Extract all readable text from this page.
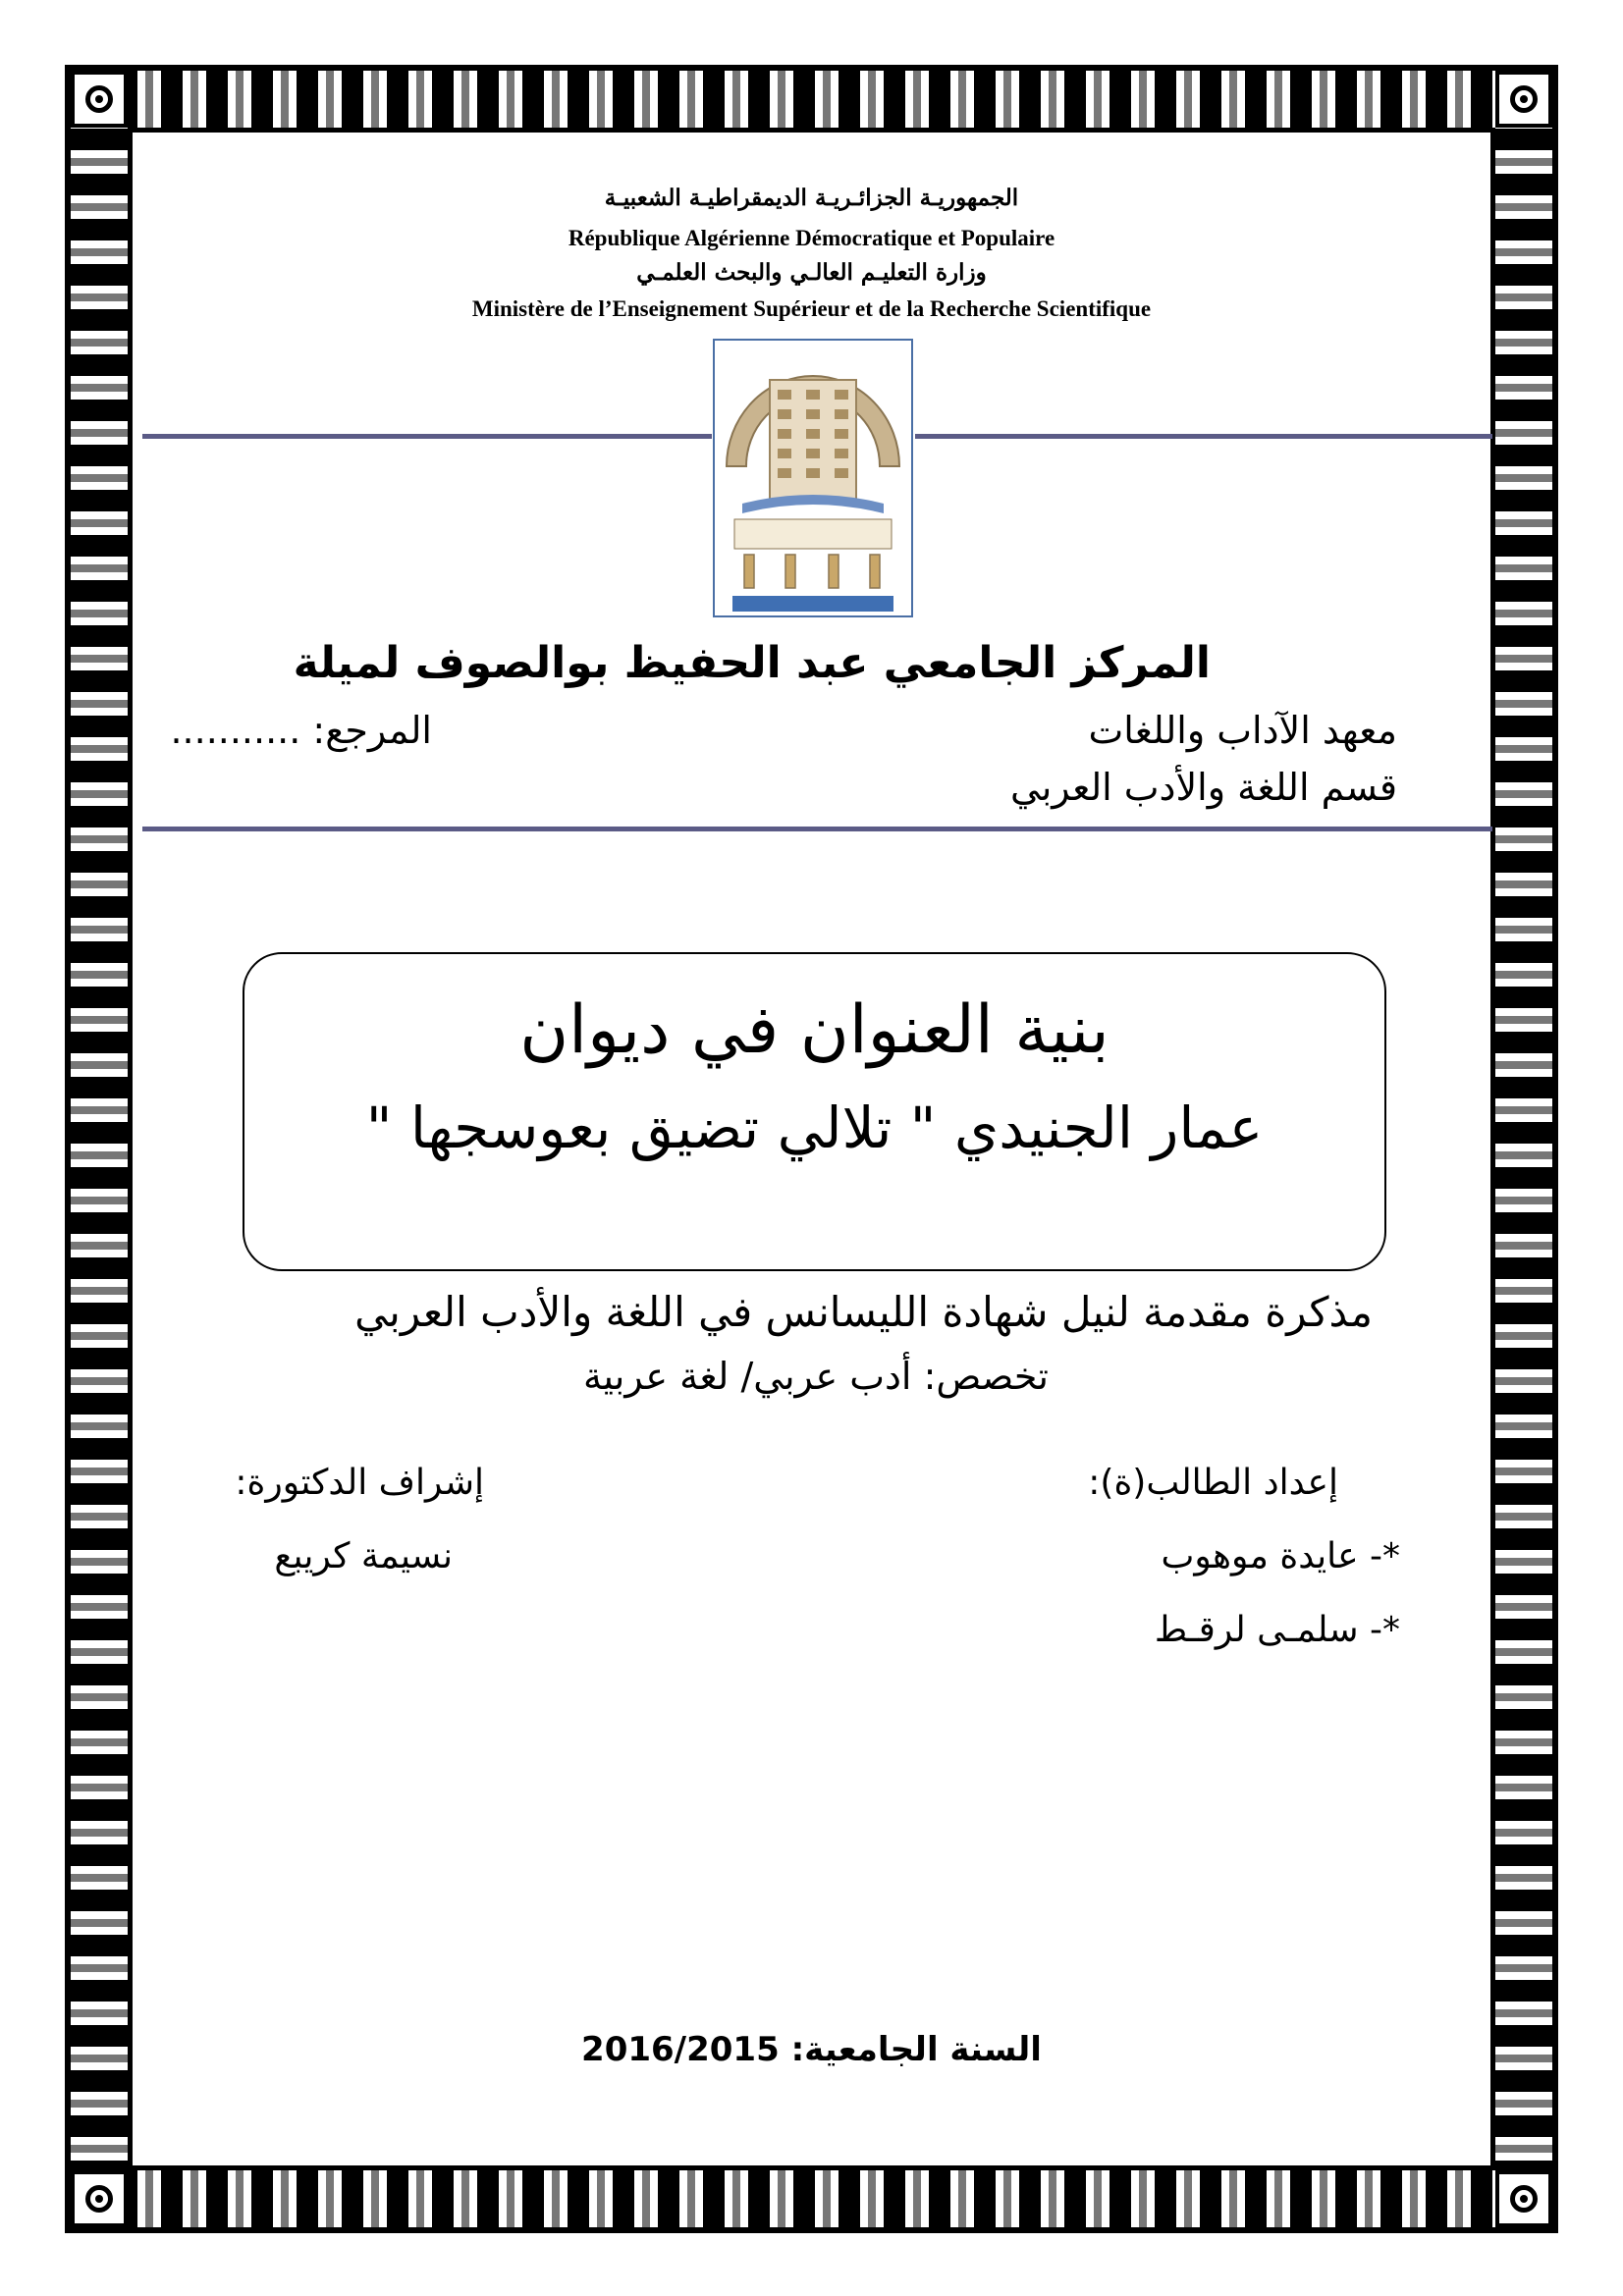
الجمهوريـة الجزائـريـة الديمقراطيـة الشعبيـة
République Algérienne Démocratique et Populaire
وزارة التعليـم العالـي والبحث العلمـي
Ministère de l’Enseignement Supérieur et de la Recherche Scientifique
المركز الجامعي عبد الحفيظ بوالصوف لميلة
معهد الآداب واللغات
المرجع: ...........
قسم اللغة والأدب العربي
بنية العنوان في ديوان
عمار الجنيدي " تلالي تضيق بعوسجها "
مذكرة مقدمة لنيل شهادة الليسانس في اللغة والأدب العربي
تخصص: أدب عربي/ لغة عربية
إعداد الطالب(ة):
إشراف الدكتورة:
*- عايدة موهوب
نسيمة كريبع
*- سلمـى لرقـط
السنة الجامعية: 2016/2015
